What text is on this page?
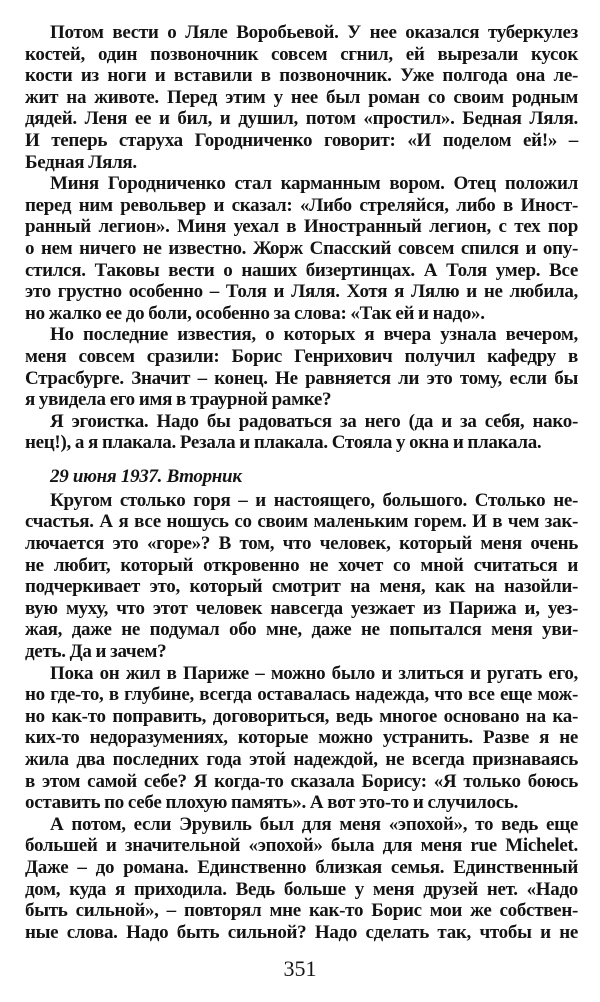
Потом вести о Ляле Воробьевой. У нее оказался туберкулез
костей, один позвоночник совсем сгнил, ей вырезали кусок
кости из ноги и вставили в позвоночник. Уже полгода она ле-
жит на животе. Перед этим у нее был роман со своим родным
дядей. Леня ее и бил, и душил, потом «простил». Бедная Ляля.
И теперь старуха Городниченко говорит: «И поделом ей!» –
Бедная Ляля.
Миня Городниченко стал карманным вором. Отец положил
перед ним револьвер и сказал: «Либо стреляйся, либо в Иност-
ранный легион». Миня уехал в Иностранный легион, с тех пор
о нем ничего не известно. Жорж Спасский совсем спился и опу-
стился. Таковы вести о наших бизертинцах. А Толя умер. Все
это грустно особенно – Толя и Ляля. Хотя я Лялю и не любила,
но жалко ее до боли, особенно за слова: «Так ей и надо».
Но последние известия, о которых я вчера узнала вечером,
меня совсем сразили: Борис Генрихович получил кафедру в
Страсбурге. Значит – конец. Не равняется ли это тому, если бы
я увидела его имя в траурной рамке?
Я эгоистка. Надо бы радоваться за него (да и за себя, нако-
нец!), а я плакала. Резала и плакала. Стояла у окна и плакала.
29 июня 1937. Вторник
Кругом столько горя – и настоящего, большого. Столько не-
счастья. А я все ношусь со своим маленьким горем. И в чем зак-
лючается это «горе»? В том, что человек, который меня очень
не любит, который откровенно не хочет со мной считаться и
подчеркивает это, который смотрит на меня, как на назойли-
вую муху, что этот человек навсегда уезжает из Парижа и, уез-
жая, даже не подумал обо мне, даже не попытался меня уви-
деть. Да и зачем?
Пока он жил в Париже – можно было и злиться и ругать его,
но где-то, в глубине, всегда оставалась надежда, что все еще мож-
но как-то поправить, договориться, ведь многое основано на ка-
ких-то недоразумениях, которые можно устранить. Разве я не
жила два последних года этой надеждой, не всегда признаваясь
в этом самой себе? Я когда-то сказала Борису: «Я только боюсь
оставить по себе плохую память». А вот это-то и случилось.
А потом, если Эрувиль был для меня «эпохой», то ведь еще
большей и значительной «эпохой» была для меня rue Michelet.
Даже – до романа. Единственно близкая семья. Единственный
дом, куда я приходила. Ведь больше у меня друзей нет. «Надо
быть сильной», – повторял мне как-то Борис мои же собствен-
ные слова. Надо быть сильной? Надо сделать так, чтобы и не
351
